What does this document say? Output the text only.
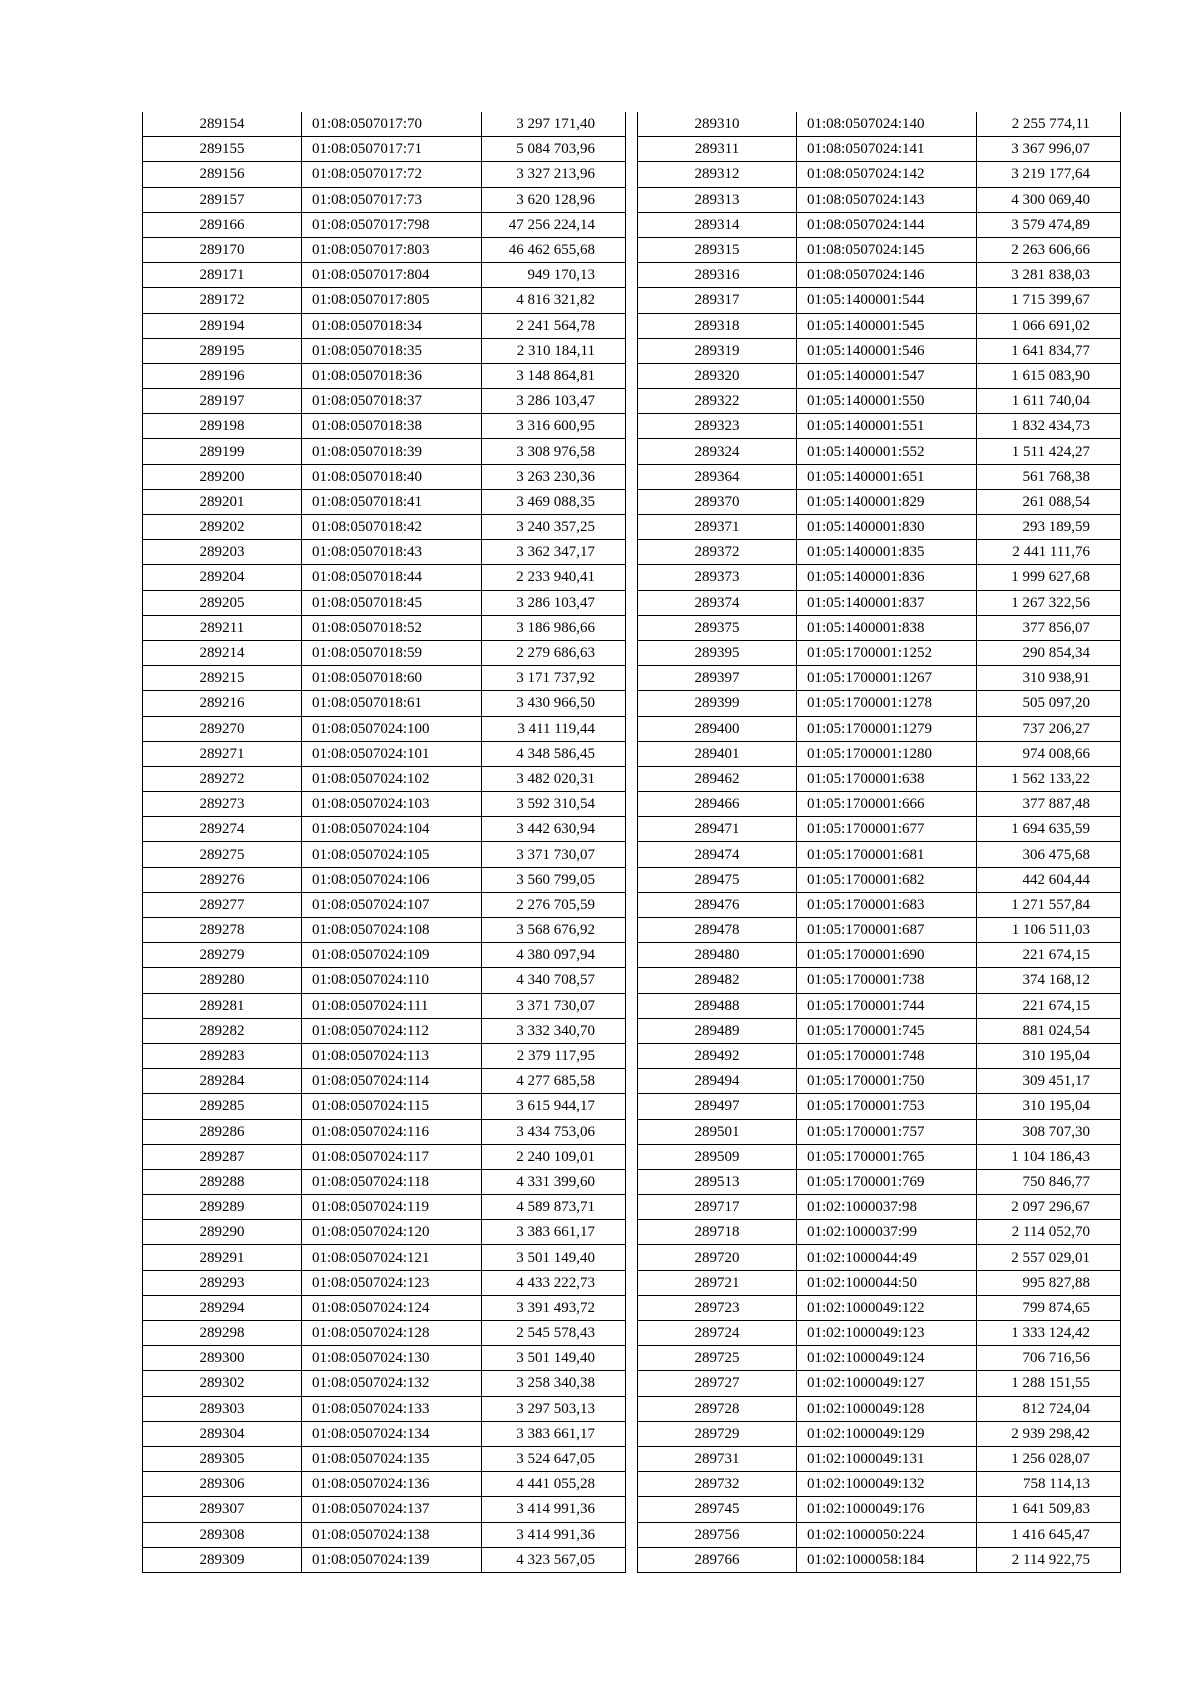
289154	01:08:0507017:70	3 297 171,40
289155	01:08:0507017:71	5 084 703,96
289156	01:08:0507017:72	3 327 213,96
289157	01:08:0507017:73	3 620 128,96
289166	01:08:0507017:798	47 256 224,14
289170	01:08:0507017:803	46 462 655,68
289171	01:08:0507017:804	949 170,13
289172	01:08:0507017:805	4 816 321,82
289194	01:08:0507018:34	2 241 564,78
289195	01:08:0507018:35	2 310 184,11
289196	01:08:0507018:36	3 148 864,81
289197	01:08:0507018:37	3 286 103,47
289198	01:08:0507018:38	3 316 600,95
289199	01:08:0507018:39	3 308 976,58
289200	01:08:0507018:40	3 263 230,36
289201	01:08:0507018:41	3 469 088,35
289202	01:08:0507018:42	3 240 357,25
289203	01:08:0507018:43	3 362 347,17
289204	01:08:0507018:44	2 233 940,41
289205	01:08:0507018:45	3 286 103,47
289211	01:08:0507018:52	3 186 986,66
289214	01:08:0507018:59	2 279 686,63
289215	01:08:0507018:60	3 171 737,92
289216	01:08:0507018:61	3 430 966,50
289270	01:08:0507024:100	3 411 119,44
289271	01:08:0507024:101	4 348 586,45
289272	01:08:0507024:102	3 482 020,31
289273	01:08:0507024:103	3 592 310,54
289274	01:08:0507024:104	3 442 630,94
289275	01:08:0507024:105	3 371 730,07
289276	01:08:0507024:106	3 560 799,05
289277	01:08:0507024:107	2 276 705,59
289278	01:08:0507024:108	3 568 676,92
289279	01:08:0507024:109	4 380 097,94
289280	01:08:0507024:110	4 340 708,57
289281	01:08:0507024:111	3 371 730,07
289282	01:08:0507024:112	3 332 340,70
289283	01:08:0507024:113	2 379 117,95
289284	01:08:0507024:114	4 277 685,58
289285	01:08:0507024:115	3 615 944,17
289286	01:08:0507024:116	3 434 753,06
289287	01:08:0507024:117	2 240 109,01
289288	01:08:0507024:118	4 331 399,60
289289	01:08:0507024:119	4 589 873,71
289290	01:08:0507024:120	3 383 661,17
289291	01:08:0507024:121	3 501 149,40
289293	01:08:0507024:123	4 433 222,73
289294	01:08:0507024:124	3 391 493,72
289298	01:08:0507024:128	2 545 578,43
289300	01:08:0507024:130	3 501 149,40
289302	01:08:0507024:132	3 258 340,38
289303	01:08:0507024:133	3 297 503,13
289304	01:08:0507024:134	3 383 661,17
289305	01:08:0507024:135	3 524 647,05
289306	01:08:0507024:136	4 441 055,28
289307	01:08:0507024:137	3 414 991,36
289308	01:08:0507024:138	3 414 991,36
289309	01:08:0507024:139	4 323 567,05
289310	01:08:0507024:140	2 255 774,11
289311	01:08:0507024:141	3 367 996,07
289312	01:08:0507024:142	3 219 177,64
289313	01:08:0507024:143	4 300 069,40
289314	01:08:0507024:144	3 579 474,89
289315	01:08:0507024:145	2 263 606,66
289316	01:08:0507024:146	3 281 838,03
289317	01:05:1400001:544	1 715 399,67
289318	01:05:1400001:545	1 066 691,02
289319	01:05:1400001:546	1 641 834,77
289320	01:05:1400001:547	1 615 083,90
289322	01:05:1400001:550	1 611 740,04
289323	01:05:1400001:551	1 832 434,73
289324	01:05:1400001:552	1 511 424,27
289364	01:05:1400001:651	561 768,38
289370	01:05:1400001:829	261 088,54
289371	01:05:1400001:830	293 189,59
289372	01:05:1400001:835	2 441 111,76
289373	01:05:1400001:836	1 999 627,68
289374	01:05:1400001:837	1 267 322,56
289375	01:05:1400001:838	377 856,07
289395	01:05:1700001:1252	290 854,34
289397	01:05:1700001:1267	310 938,91
289399	01:05:1700001:1278	505 097,20
289400	01:05:1700001:1279	737 206,27
289401	01:05:1700001:1280	974 008,66
289462	01:05:1700001:638	1 562 133,22
289466	01:05:1700001:666	377 887,48
289471	01:05:1700001:677	1 694 635,59
289474	01:05:1700001:681	306 475,68
289475	01:05:1700001:682	442 604,44
289476	01:05:1700001:683	1 271 557,84
289478	01:05:1700001:687	1 106 511,03
289480	01:05:1700001:690	221 674,15
289482	01:05:1700001:738	374 168,12
289488	01:05:1700001:744	221 674,15
289489	01:05:1700001:745	881 024,54
289492	01:05:1700001:748	310 195,04
289494	01:05:1700001:750	309 451,17
289497	01:05:1700001:753	310 195,04
289501	01:05:1700001:757	308 707,30
289509	01:05:1700001:765	1 104 186,43
289513	01:05:1700001:769	750 846,77
289717	01:02:1000037:98	2 097 296,67
289718	01:02:1000037:99	2 114 052,70
289720	01:02:1000044:49	2 557 029,01
289721	01:02:1000044:50	995 827,88
289723	01:02:1000049:122	799 874,65
289724	01:02:1000049:123	1 333 124,42
289725	01:02:1000049:124	706 716,56
289727	01:02:1000049:127	1 288 151,55
289728	01:02:1000049:128	812 724,04
289729	01:02:1000049:129	2 939 298,42
289731	01:02:1000049:131	1 256 028,07
289732	01:02:1000049:132	758 114,13
289745	01:02:1000049:176	1 641 509,83
289756	01:02:1000050:224	1 416 645,47
289766	01:02:1000058:184	2 114 922,75
